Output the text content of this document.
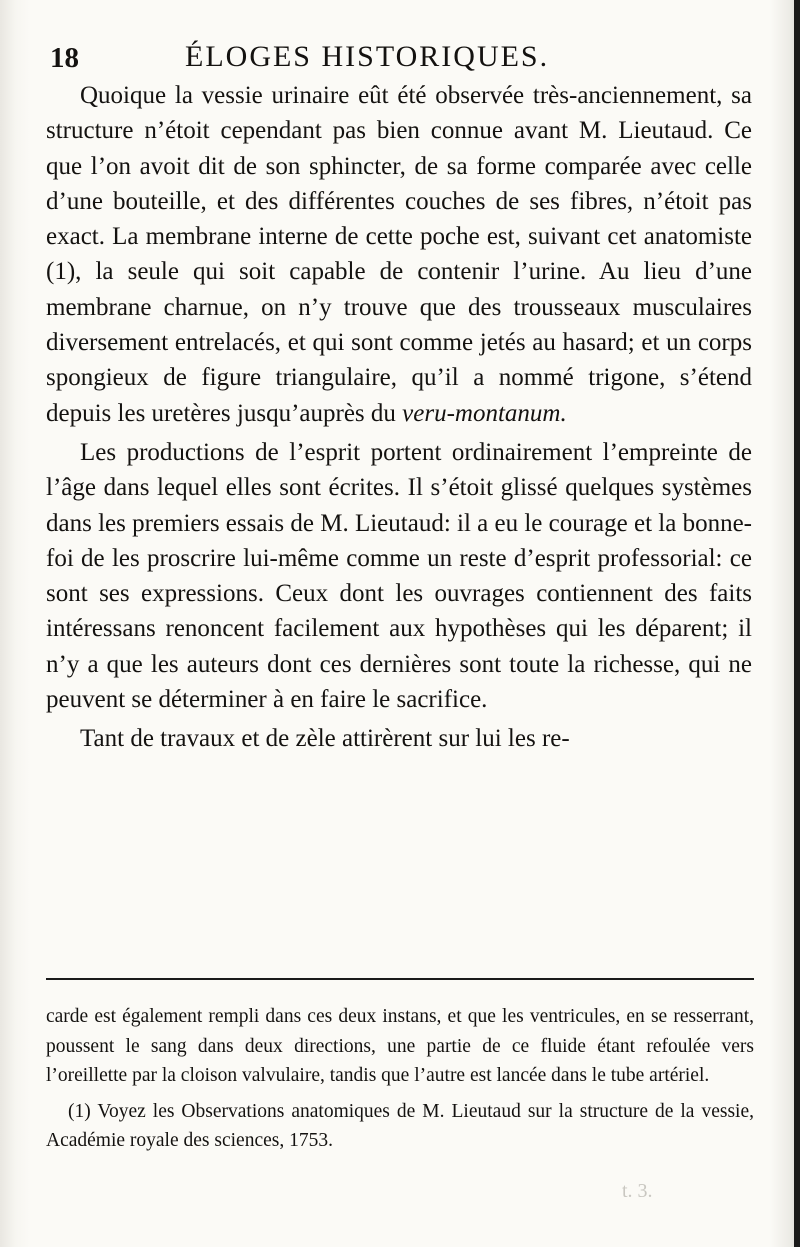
18	ÉLOGES HISTORIQUES.

Quoique la vessie urinaire eût été observée très-anciennement, sa structure n’étoit cependant pas bien connue avant M. Lieutaud. Ce que l’on avoit dit de son sphincter, de sa forme comparée avec celle d’une bouteille, et des différentes couches de ses fibres, n’étoit pas exact. La membrane interne de cette poche est, suivant cet anatomiste (1), la seule qui soit capable de contenir l’urine. Au lieu d’une membrane charnue, on n’y trouve que des trousseaux musculaires diversement entrelacés, et qui sont comme jetés au hasard; et un corps spongieux de figure triangulaire, qu’il a nommé trigone, s’étend depuis les uretères jusqu’auprès du veru-montanum.

Les productions de l’esprit portent ordinairement l’empreinte de l’âge dans lequel elles sont écrites. Il s’étoit glissé quelques systèmes dans les premiers essais de M. Lieutaud: il a eu le courage et la bonne-foi de les proscrire lui-même comme un reste d’esprit professorial: ce sont ses expressions. Ceux dont les ouvrages contiennent des faits intéressans renoncent facilement aux hypothèses qui les déparent; il n’y a que les auteurs dont ces dernières sont toute la richesse, qui ne peuvent se déterminer à en faire le sacrifice.

Tant de travaux et de zèle attirèrent sur lui les re-

carde est également rempli dans ces deux instans, et que les ventricules, en se resserrant, poussent le sang dans deux directions, une partie de ce fluide étant refoulée vers l’oreillette par la cloison valvulaire, tandis que l’autre est lancée dans le tube artériel.

(1) Voyez les Observations anatomiques de M. Lieutaud sur la structure de la vessie, Académie royale des sciences, 1753.

t. 3.
